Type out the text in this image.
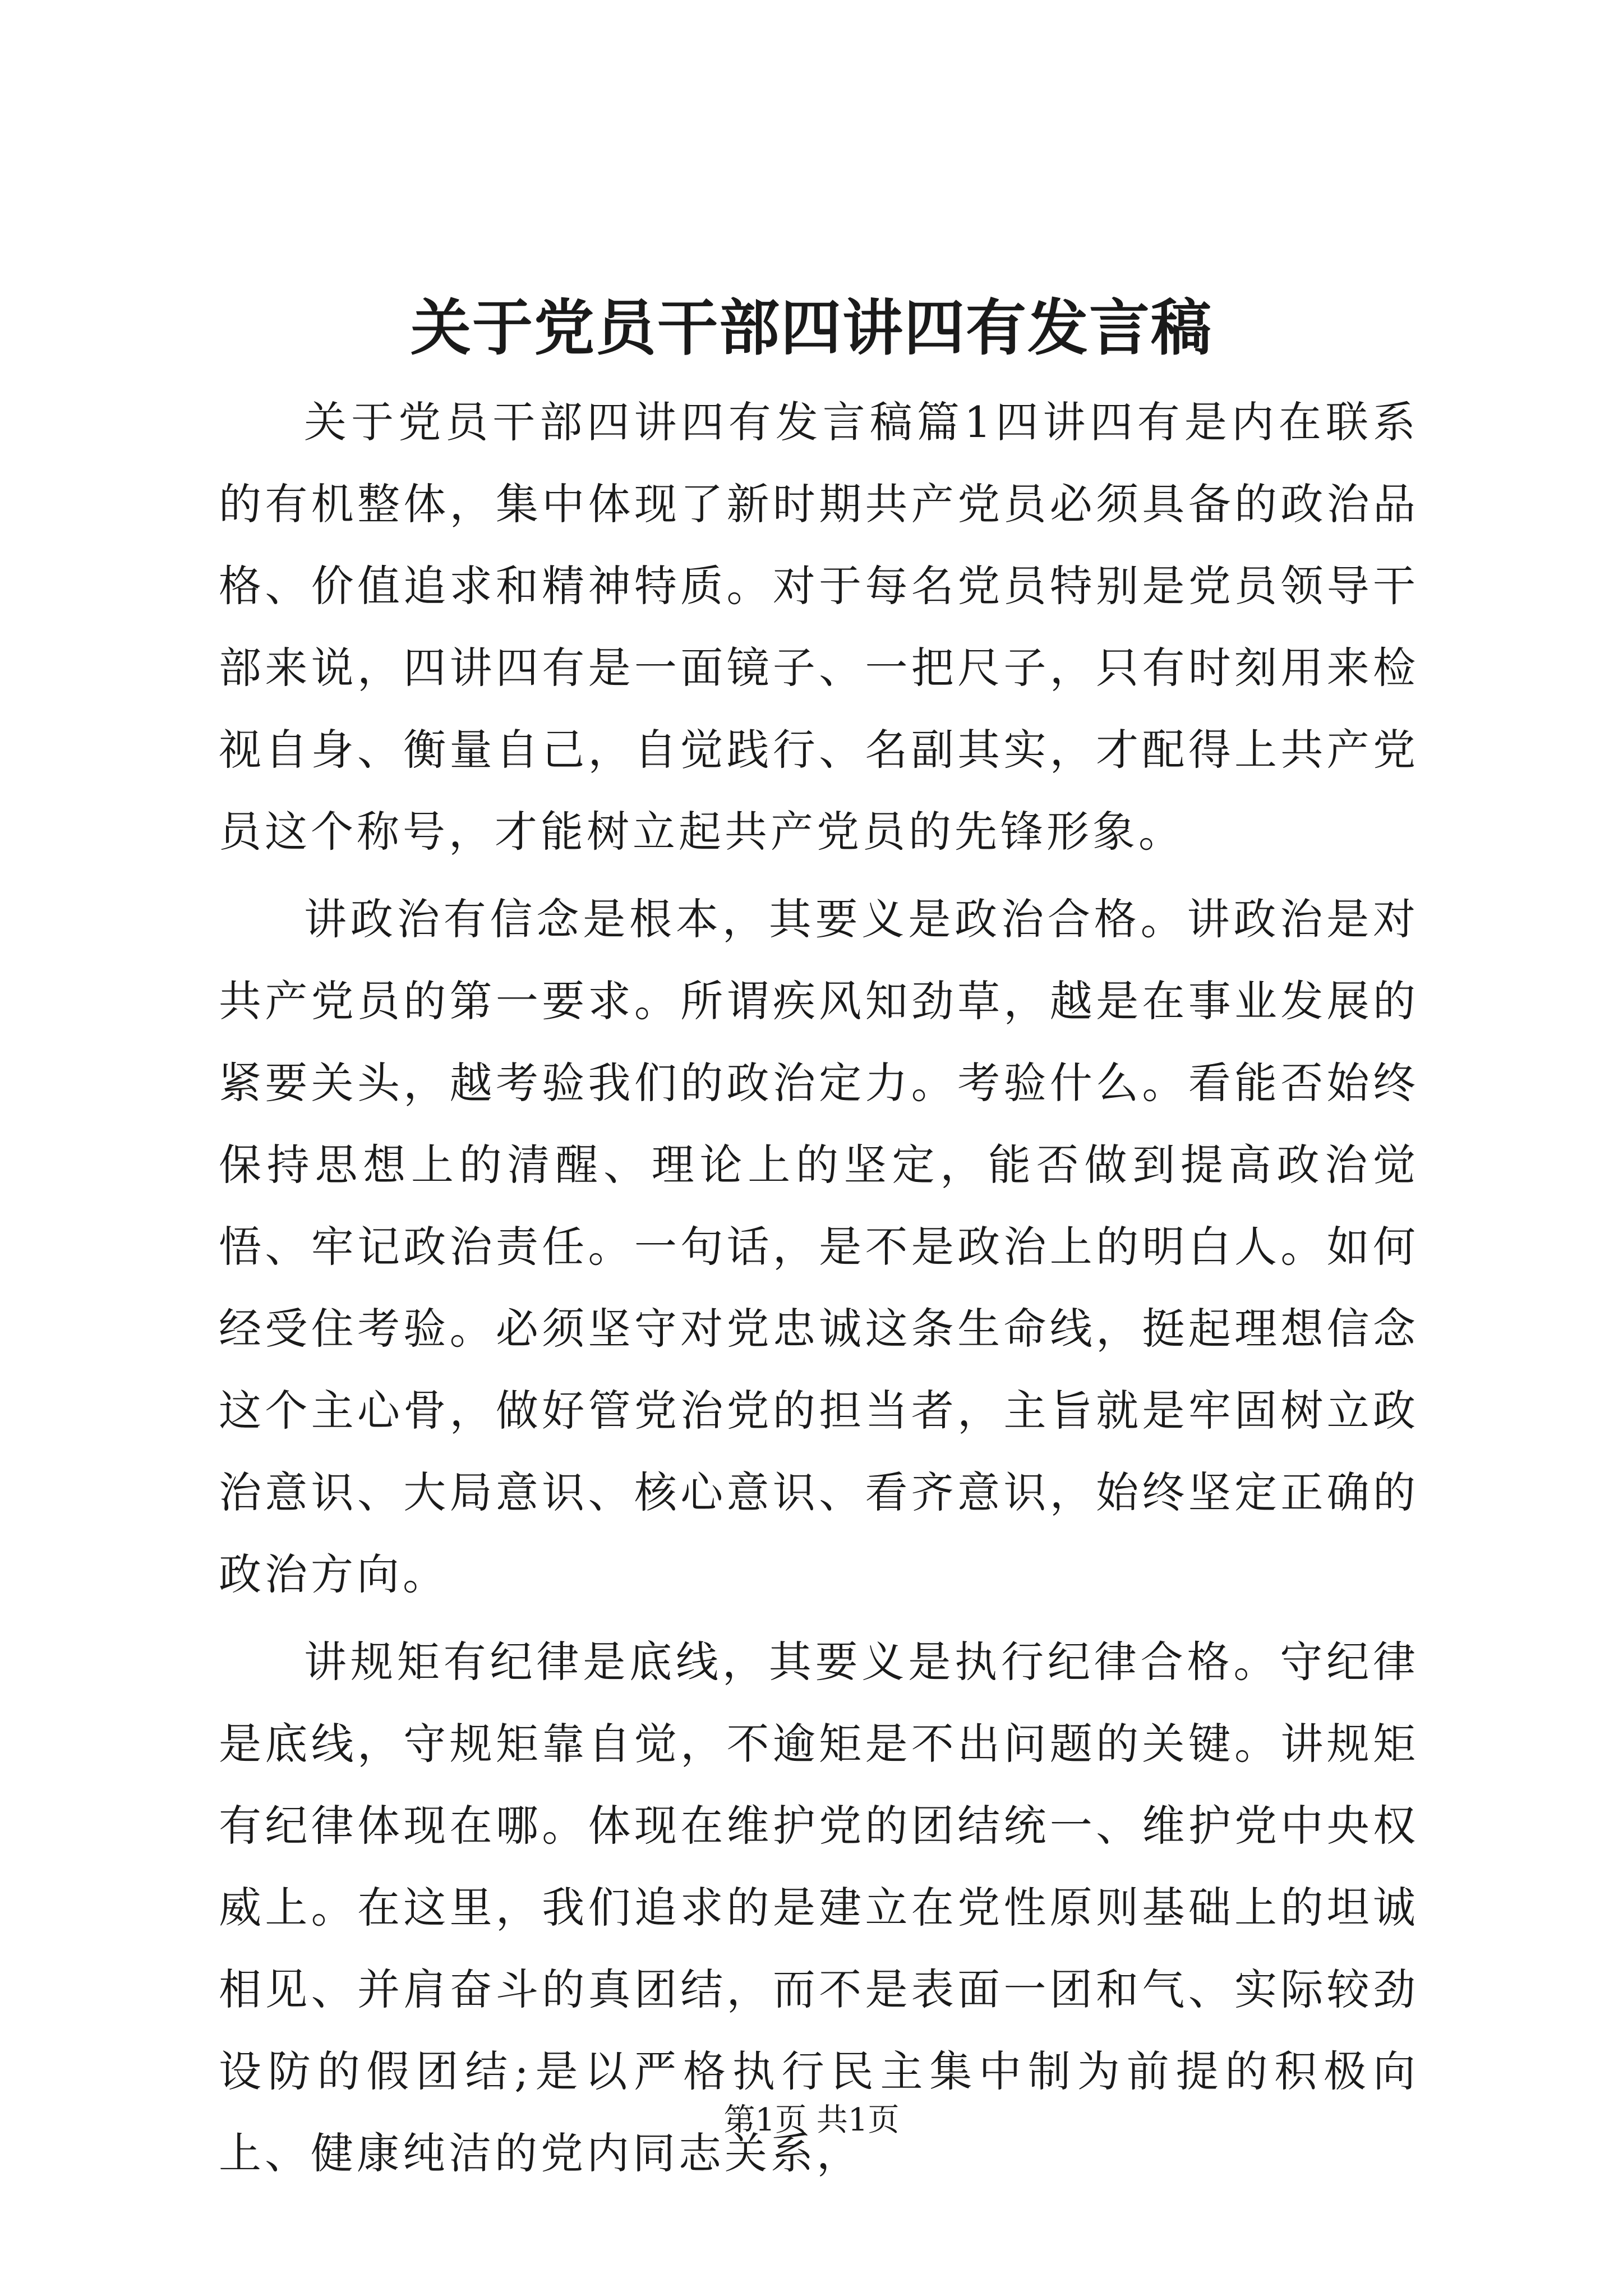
关于党员干部四讲四有发言稿

关于党员干部四讲四有发言稿篇1四讲四有是内在联系的有机整体，集中体现了新时期共产党员必须具备的政治品格、价值追求和精神特质。对于每名党员特别是党员领导干部来说，四讲四有是一面镜子、一把尺子，只有时刻用来检视自身、衡量自己，自觉践行、名副其实，才配得上共产党员这个称号，才能树立起共产党员的先锋形象。

讲政治有信念是根本，其要义是政治合格。讲政治是对共产党员的第一要求。所谓疾风知劲草，越是在事业发展的紧要关头，越考验我们的政治定力。考验什么。看能否始终保持思想上的清醒、理论上的坚定，能否做到提高政治觉悟、牢记政治责任。一句话，是不是政治上的明白人。如何经受住考验。必须坚守对党忠诚这条生命线，挺起理想信念这个主心骨，做好管党治党的担当者，主旨就是牢固树立政治意识、大局意识、核心意识、看齐意识，始终坚定正确的政治方向。

讲规矩有纪律是底线，其要义是执行纪律合格。守纪律是底线，守规矩靠自觉，不逾矩是不出问题的关键。讲规矩有纪律体现在哪。体现在维护党的团结统一、维护党中央权威上。在这里，我们追求的是建立在党性原则基础上的坦诚相见、并肩奋斗的真团结，而不是表面一团和气、实际较劲设防的假团结;是以严格执行民主集中制为前提的积极向上、健康纯洁的党内同志关系，

第1页 共1页
